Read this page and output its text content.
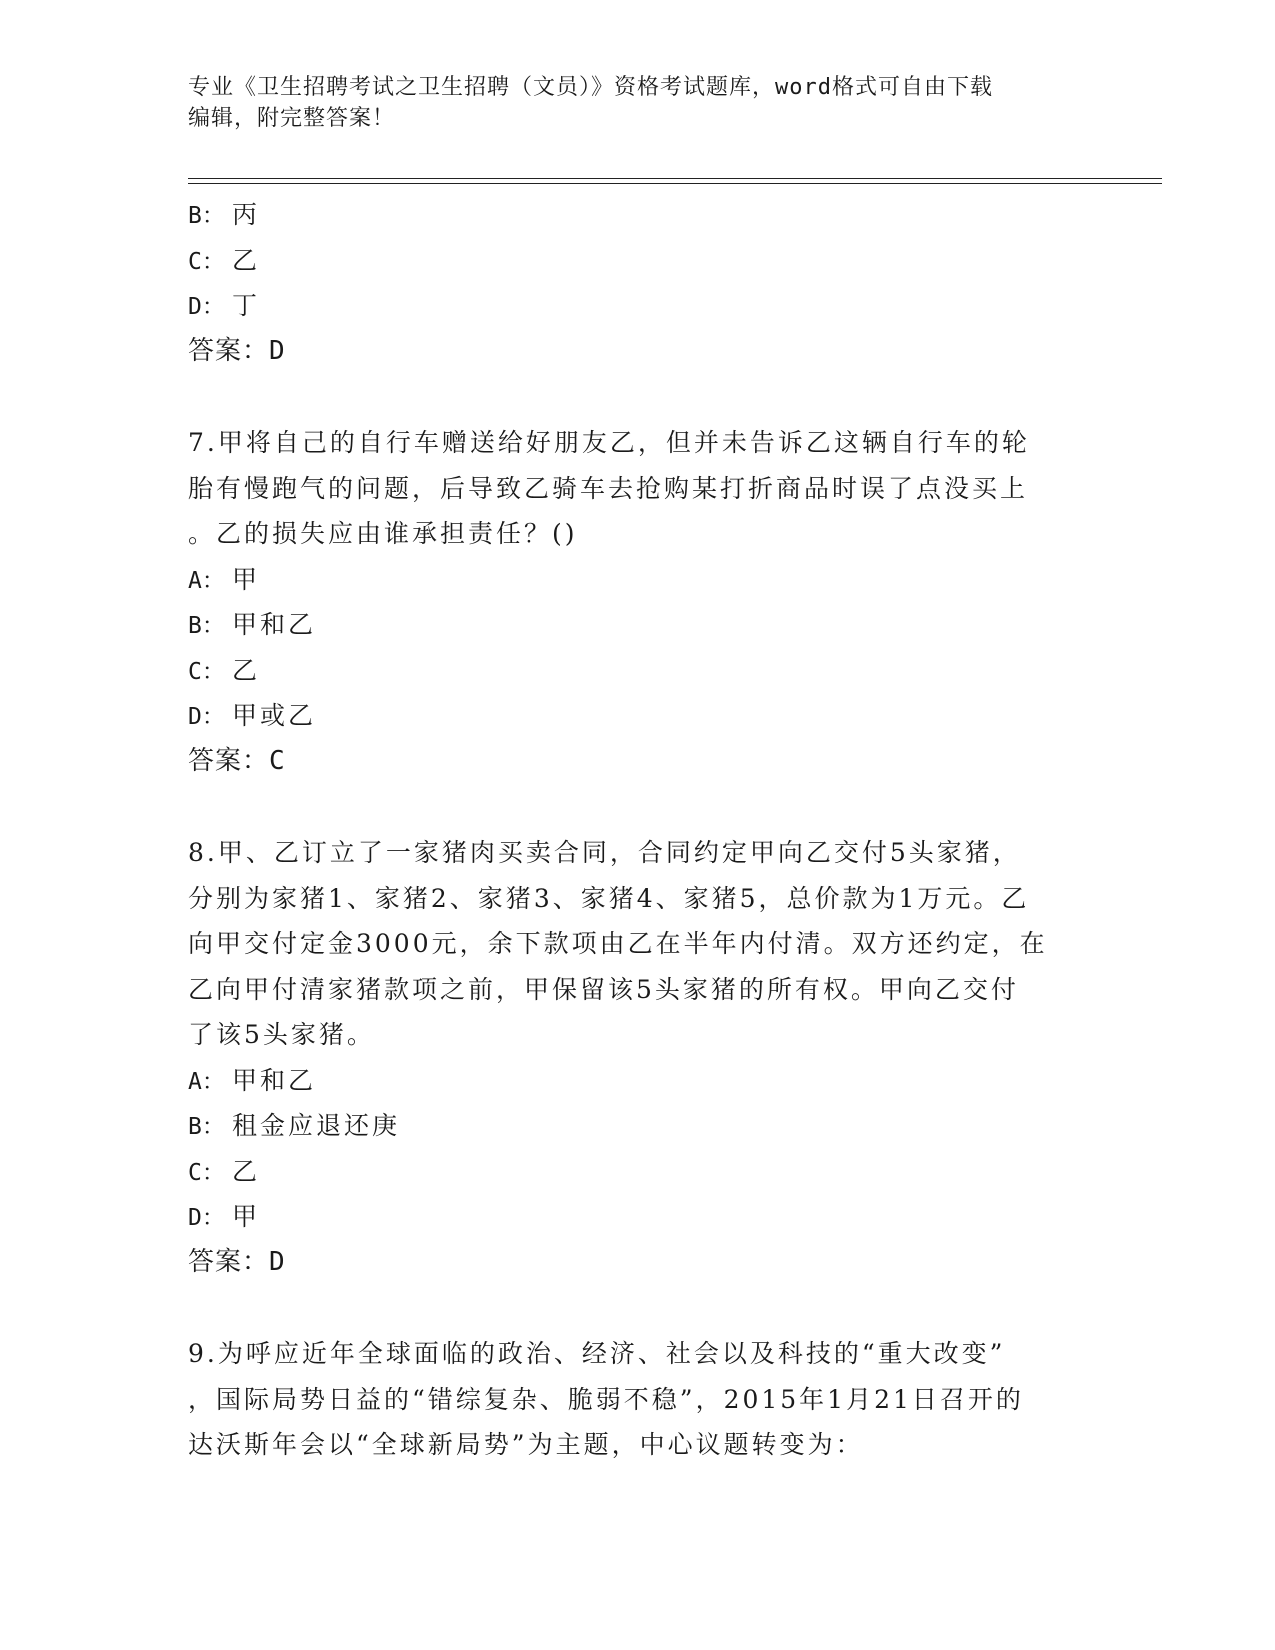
专业《卫生招聘考试之卫生招聘（文员）》资格考试题库，word格式可自由下载
编辑，附完整答案！
B： 丙
C： 乙
D： 丁
答案：D
7.甲将自己的自行车赠送给好朋友乙，但并未告诉乙这辆自行车的轮
胎有慢跑气的问题，后导致乙骑车去抢购某打折商品时误了点没买上
。乙的损失应由谁承担责任？()
A： 甲
B： 甲和乙
C： 乙
D： 甲或乙
答案：C
8.甲、乙订立了一家猪肉买卖合同，合同约定甲向乙交付5头家猪，
分别为家猪1、家猪2、家猪3、家猪4、家猪5，总价款为1万元。乙
向甲交付定金3000元，余下款项由乙在半年内付清。双方还约定，在
乙向甲付清家猪款项之前，甲保留该5头家猪的所有权。甲向乙交付
了该5头家猪。
A： 甲和乙
B： 租金应退还庚
C： 乙
D： 甲
答案：D
9.为呼应近年全球面临的政治、经济、社会以及科技的“重大改变”
，国际局势日益的“错综复杂、脆弱不稳”，2015年1月21日召开的
达沃斯年会以“全球新局势”为主题，中心议题转变为：
